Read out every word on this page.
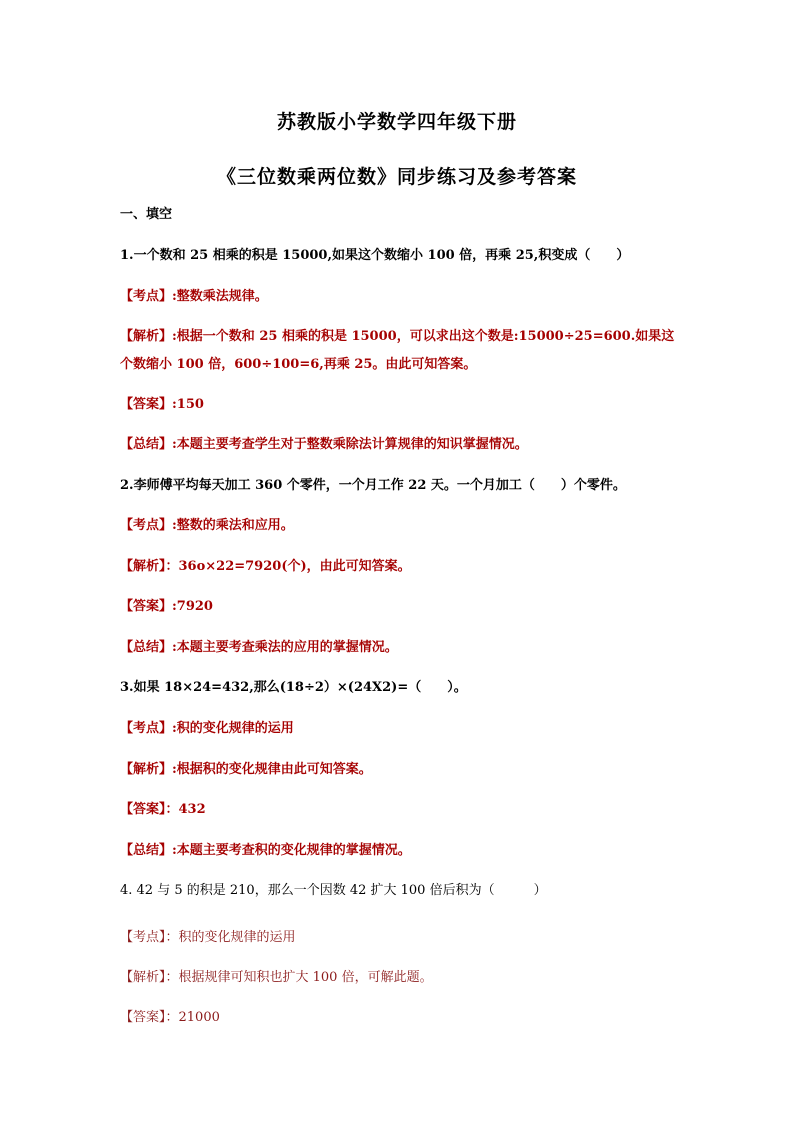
苏教版小学数学四年级下册
《三位数乘两位数》同步练习及参考答案
一、填空
1.一个数和 25 相乘的积是 15000,如果这个数缩小 100 倍，再乘 25,积变成（　　）
【考点】:整数乘法规律。
【解析】:根据一个数和 25 相乘的积是 15000，可以求出这个数是:15000÷25=600.如果这个数缩小 100 倍，600÷100=6,再乘 25。由此可知答案。
【答案】:150
【总结】:本题主要考查学生对于整数乘除法计算规律的知识掌握情况。
2.李师傅平均每天加工 360 个零件，一个月工作 22 天。一个月加工（　　）个零件。
【考点】:整数的乘法和应用。
【解析】：36o×22=7920(个)，由此可知答案。
【答案】:7920
【总结】:本题主要考查乘法的应用的掌握情况。
3.如果 18×24=432,那么(18÷2）×(24X2)=（　　）。
【考点】:积的变化规律的运用
【解析】:根据积的变化规律由此可知答案。
【答案】：432
【总结】:本题主要考查积的变化规律的掌握情况。
4. 42 与 5 的积是 210，那么一个因数 42 扩大 100 倍后积为（　　　）
【考点】：积的变化规律的运用
【解析】：根据规律可知积也扩大 100 倍，可解此题。
【答案】：21000
